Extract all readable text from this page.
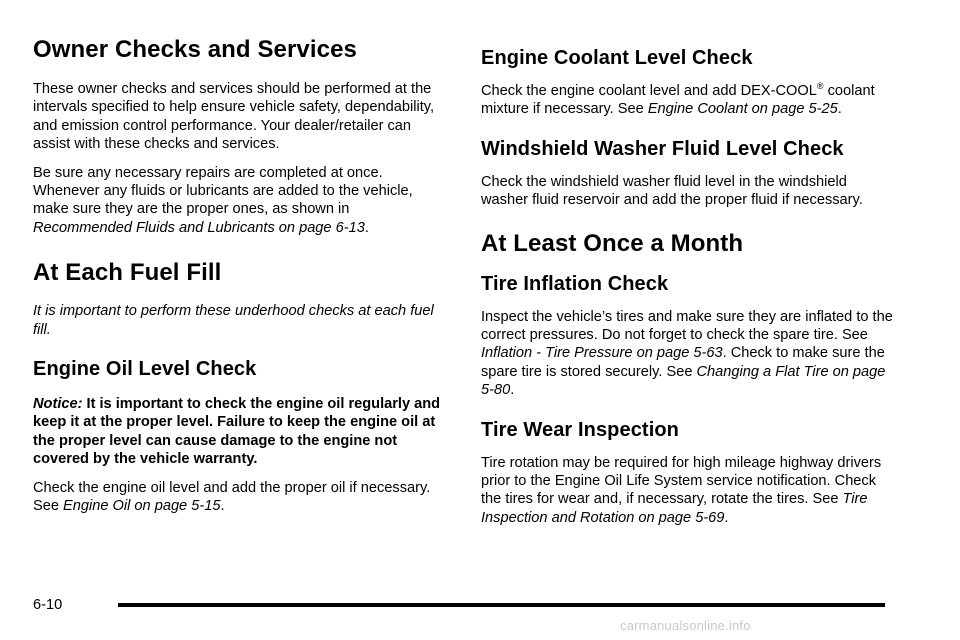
Owner Checks and Services

These owner checks and services should be performed at the intervals specified to help ensure vehicle safety, dependability, and emission control performance. Your dealer/retailer can assist with these checks and services.

Be sure any necessary repairs are completed at once. Whenever any fluids or lubricants are added to the vehicle, make sure they are the proper ones, as shown in Recommended Fluids and Lubricants on page 6-13.

At Each Fuel Fill

It is important to perform these underhood checks at each fuel fill.

Engine Oil Level Check

Notice: It is important to check the engine oil regularly and keep it at the proper level. Failure to keep the engine oil at the proper level can cause damage to the engine not covered by the vehicle warranty.

Check the engine oil level and add the proper oil if necessary. See Engine Oil on page 5-15.

Engine Coolant Level Check

Check the engine coolant level and add DEX-COOL® coolant mixture if necessary. See Engine Coolant on page 5-25.

Windshield Washer Fluid Level Check

Check the windshield washer fluid level in the windshield washer fluid reservoir and add the proper fluid if necessary.

At Least Once a Month
Tire Inflation Check

Inspect the vehicle’s tires and make sure they are inflated to the correct pressures. Do not forget to check the spare tire. See Inflation - Tire Pressure on page 5-63. Check to make sure the spare tire is stored securely. See Changing a Flat Tire on page 5-80.

Tire Wear Inspection

Tire rotation may be required for high mileage highway drivers prior to the Engine Oil Life System service notification. Check the tires for wear and, if necessary, rotate the tires. See Tire Inspection and Rotation on page 5-69.

6-10
carmanualsonline.info
